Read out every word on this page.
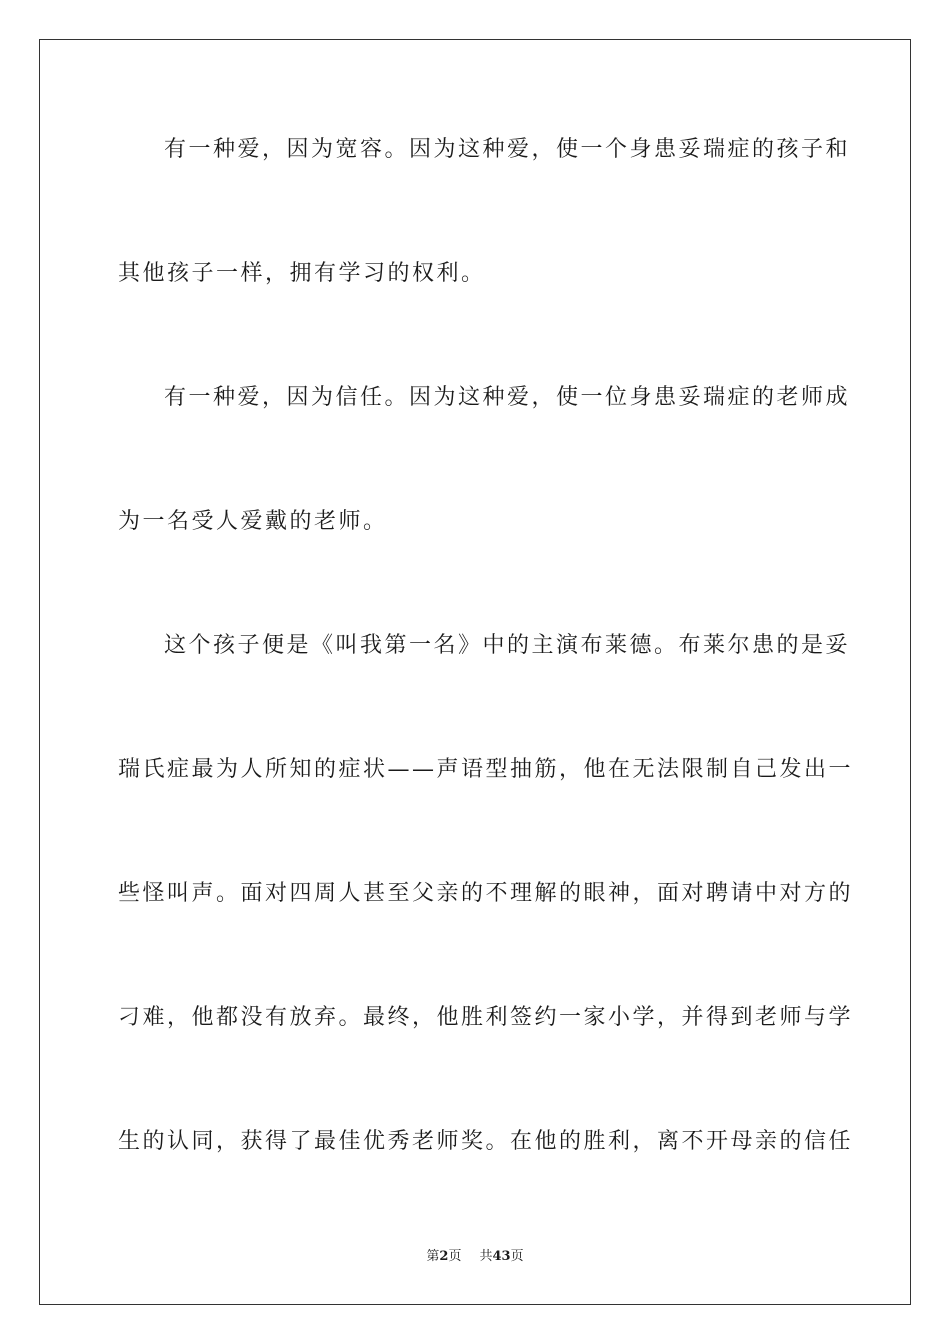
有一种爱，因为宽容。因为这种爱，使一个身患妥瑞症的孩子和
其他孩子一样，拥有学习的权利。
有一种爱，因为信任。因为这种爱，使一位身患妥瑞症的老师成
为一名受人爱戴的老师。
这个孩子便是《叫我第一名》中的主演布莱德。布莱尔患的是妥
瑞氏症最为人所知的症状——声语型抽筋，他在无法限制自己发出一
些怪叫声。面对四周人甚至父亲的不理解的眼神，面对聘请中对方的
刁难，他都没有放弃。最终，他胜利签约一家小学，并得到老师与学
生的认同，获得了最佳优秀老师奖。在他的胜利，离不开母亲的信任
第2页 共43页
